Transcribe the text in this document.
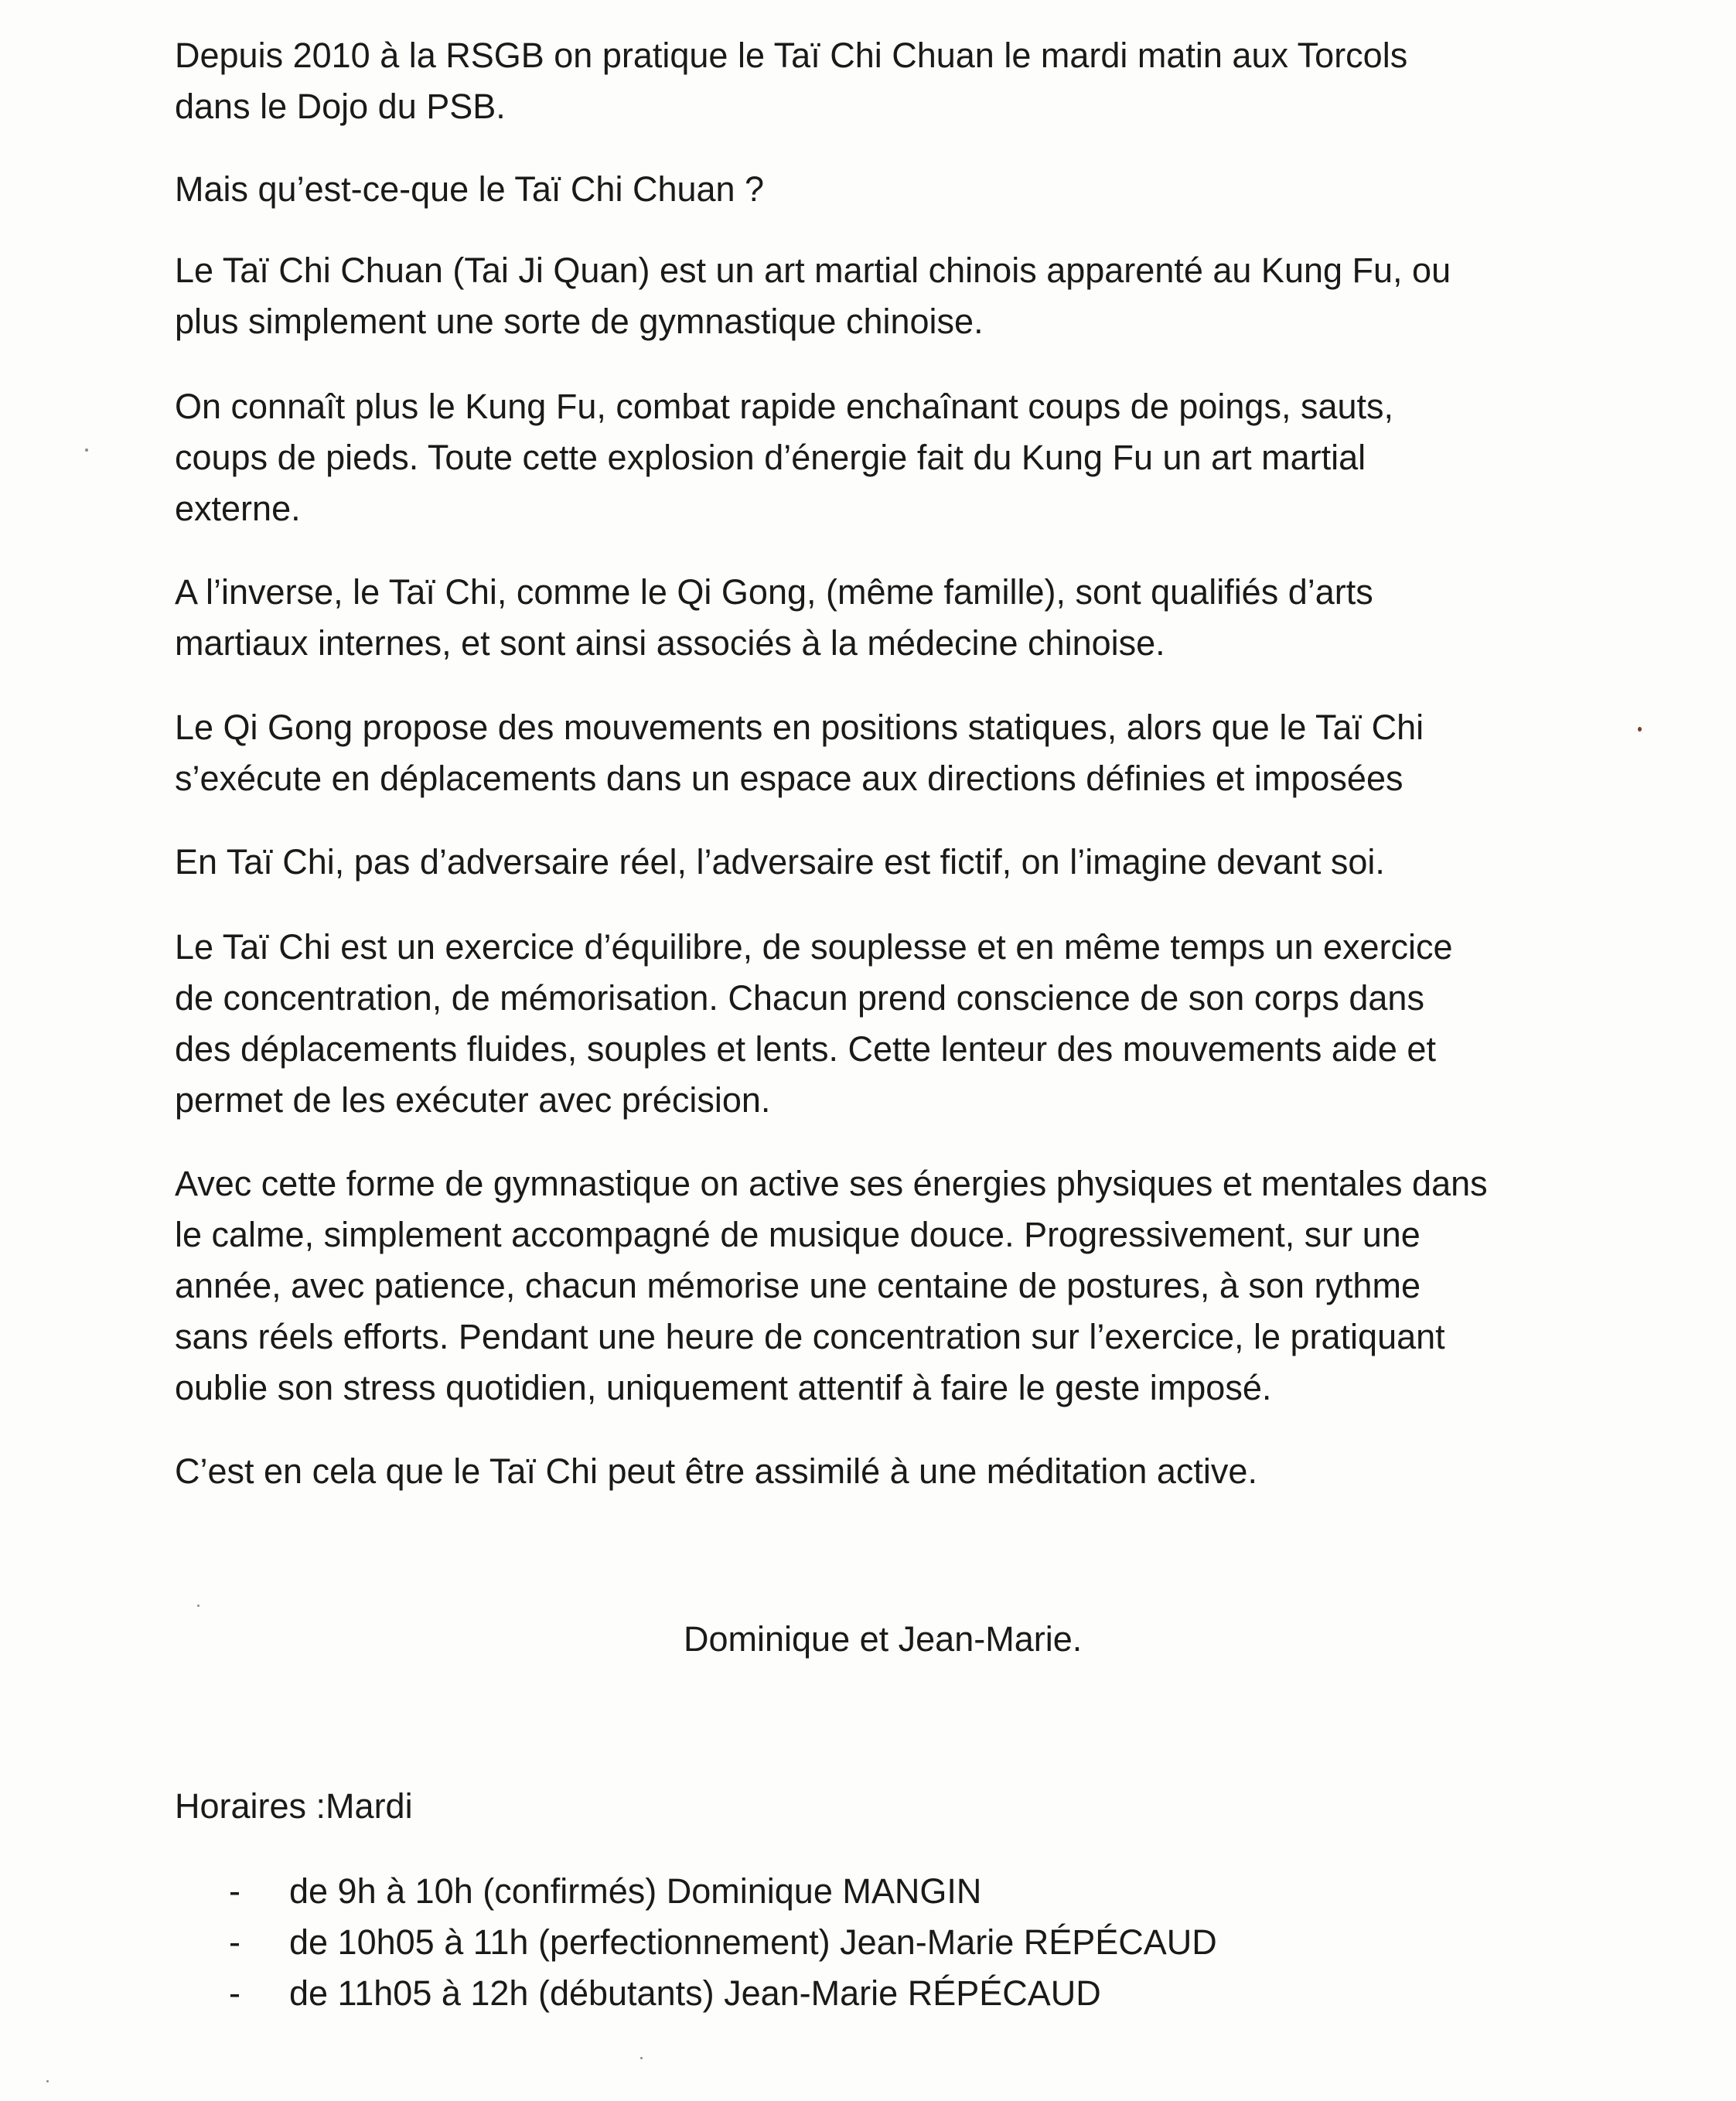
Depuis 2010 à la RSGB on pratique le Taï Chi Chuan le mardi matin aux Torcols
dans le Dojo du PSB.

Mais qu’est-ce-que le Taï Chi Chuan ?

Le Taï Chi Chuan (Tai Ji Quan) est un art martial chinois apparenté au Kung Fu, ou
plus simplement une sorte de gymnastique chinoise.

On connaît plus le Kung Fu, combat rapide enchaînant coups de poings, sauts,
coups de pieds. Toute cette explosion d’énergie fait du Kung Fu un art martial
externe.

A l’inverse, le Taï Chi, comme le Qi Gong, (même famille), sont qualifiés d’arts
martiaux internes, et sont ainsi associés à la médecine chinoise.

Le Qi Gong propose des mouvements en positions statiques, alors que le Taï Chi
s’exécute en déplacements dans un espace aux directions définies et imposées

En Taï Chi, pas d’adversaire réel, l’adversaire est fictif, on l’imagine devant soi.

Le Taï Chi est un exercice d’équilibre, de souplesse et en même temps un exercice
de concentration, de mémorisation. Chacun prend conscience de son corps dans
des déplacements fluides, souples et lents. Cette lenteur des mouvements aide et
permet de les exécuter avec précision.

Avec cette forme de gymnastique on active ses énergies physiques et mentales dans
le calme, simplement accompagné de musique douce. Progressivement, sur une
année, avec patience, chacun mémorise une centaine de postures, à son rythme
sans réels efforts. Pendant une heure de concentration sur l’exercice, le pratiquant
oublie son stress quotidien, uniquement attentif à faire le geste imposé.

C’est en cela que le Taï Chi peut être assimilé à une méditation active.

Dominique et Jean-Marie.
Horaires :Mardi
- de 9h à 10h (confirmés) Dominique MANGIN
- de 10h05 à 11h (perfectionnement) Jean-Marie RÉPÉCAUD
- de 11h05 à 12h (débutants) Jean-Marie RÉPÉCAUD
